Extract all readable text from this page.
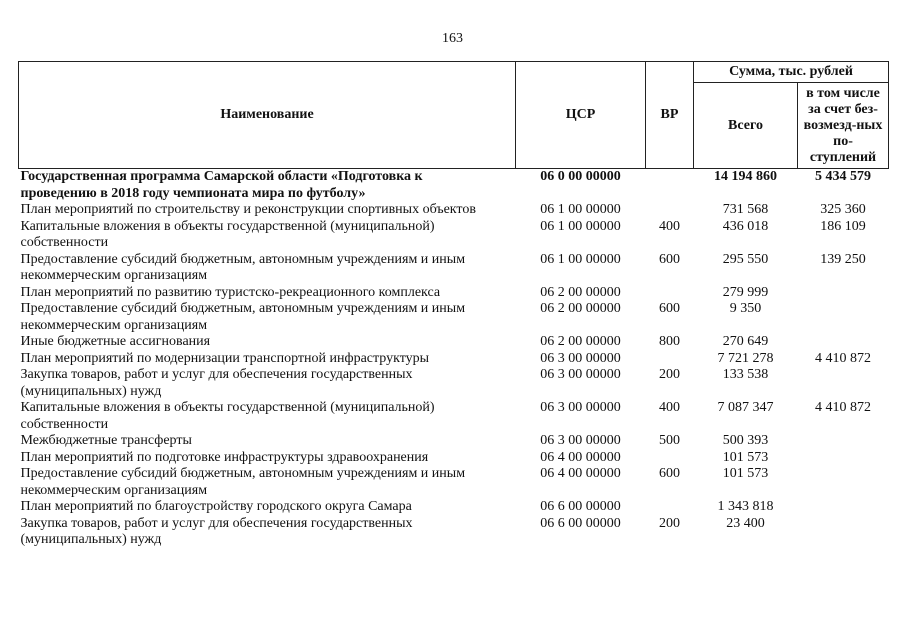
163
Наименование	ЦСР	ВР	Сумма, тыс. рублей	
			Всего	в том числе за счет без-возмезд-ных по-ступлений
Государственная программа Самарской области «Подготовка к проведению в 2018 году чемпионата мира по футболу»	06 0 00 00000		14 194 860	5 434 579
План мероприятий по строительству и реконструкции спортивных объектов	06 1 00 00000		731 568	325 360
Капитальные вложения в объекты государственной (муниципальной) собственности	06 1 00 00000	400	436 018	186 109
Предоставление субсидий бюджетным, автономным учреждениям и иным некоммерческим организациям	06 1 00 00000	600	295 550	139 250
План мероприятий по развитию туристско-рекреационного комплекса	06 2 00 00000		279 999	
Предоставление субсидий бюджетным, автономным учреждениям и иным некоммерческим организациям	06 2 00 00000	600	9 350	
Иные бюджетные ассигнования	06 2 00 00000	800	270 649	
План мероприятий по модернизации транспортной инфраструктуры	06 3 00 00000		7 721 278	4 410 872
Закупка товаров, работ и услуг для обеспечения государственных (муниципальных) нужд	06 3 00 00000	200	133 538	
Капитальные вложения в объекты государственной (муниципальной) собственности	06 3 00 00000	400	7 087 347	4 410 872
Межбюджетные трансферты	06 3 00 00000	500	500 393	
План мероприятий по подготовке инфраструктуры здравоохранения	06 4 00 00000		101 573	
Предоставление субсидий бюджетным, автономным учреждениям и иным некоммерческим организациям	06 4 00 00000	600	101 573	
План мероприятий по благоустройству городского округа Самара	06 6 00 00000		1 343 818	
Закупка товаров, работ и услуг для обеспечения государственных (муниципальных) нужд	06 6 00 00000	200	23 400	
